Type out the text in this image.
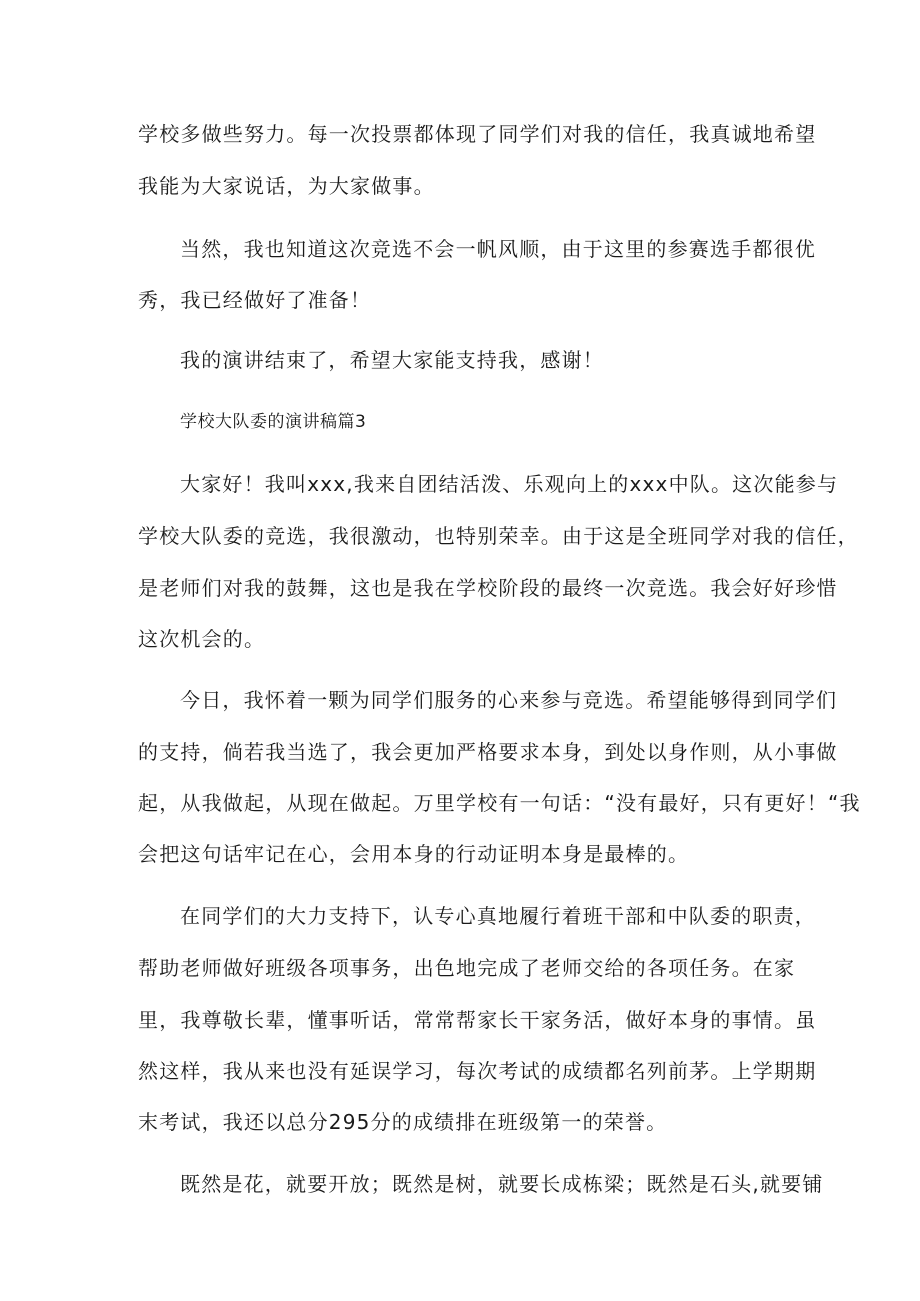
学校多做些努力。每一次投票都体现了同学们对我的信任，我真诚地希望

我能为大家说话，为大家做事。

当然，我也知道这次竞选不会一帆风顺，由于这里的参赛选手都很优

秀，我已经做好了准备！

我的演讲结束了，希望大家能支持我，感谢！

学校大队委的演讲稿篇3

大家好！我叫xxx,我来自团结活泼、乐观向上的xxx中队。这次能参与

学校大队委的竞选，我很激动，也特别荣幸。由于这是全班同学对我的信任，

是老师们对我的鼓舞，这也是我在学校阶段的最终一次竞选。我会好好珍惜

这次机会的。

今日，我怀着一颗为同学们服务的心来参与竞选。希望能够得到同学们

的支持，倘若我当选了，我会更加严格要求本身，到处以身作则，从小事做

起，从我做起，从现在做起。万里学校有一句话：“没有最好，只有更好！“我

会把这句话牢记在心，会用本身的行动证明本身是最棒的。

在同学们的大力支持下，认专心真地履行着班干部和中队委的职责，

帮助老师做好班级各项事务，出色地完成了老师交给的各项任务。在家

里，我尊敬长辈，懂事听话，常常帮家长干家务活，做好本身的事情。虽

然这样，我从来也没有延误学习，每次考试的成绩都名列前茅。上学期期

末考试，我还以总分295分的成绩排在班级第一的荣誉。

既然是花，就要开放；既然是树，就要长成栋梁；既然是石头,就要铺
